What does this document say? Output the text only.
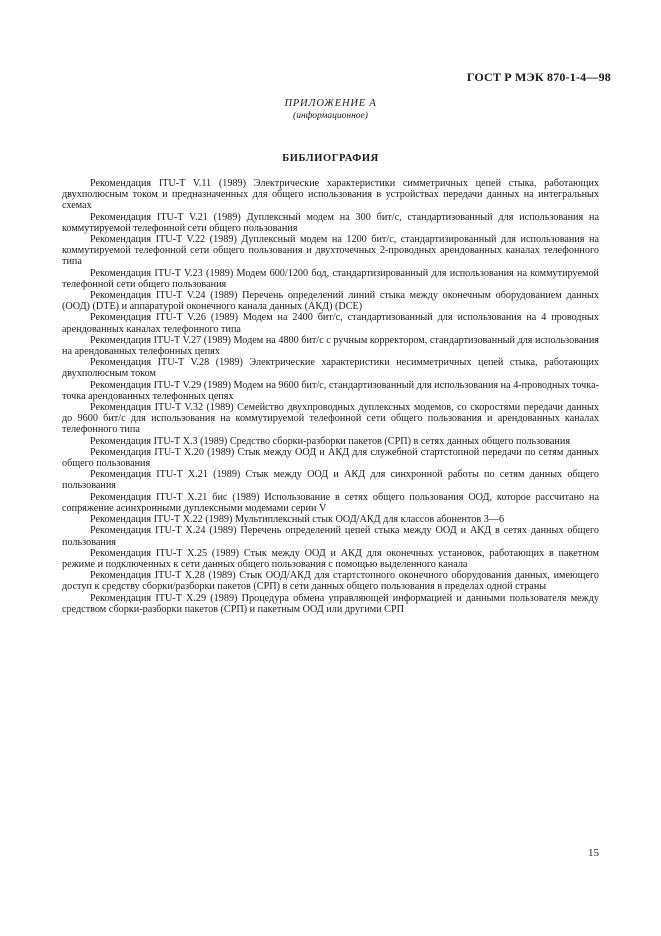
ГОСТ Р МЭК 870-1-4—98
ПРИЛОЖЕНИЕ А
(информационное)
БИБЛИОГРАФИЯ

Рекомендация ITU-T V.11 (1989) Электрические характеристики симметричных цепей стыка, работающих двухполюсным током и предназначенных для общего использования в устройствах передачи данных на интегральных схемах

Рекомендация ITU-T V.21 (1989) Дуплексный модем на 300 бит/с, стандартизованный для использования на коммутируемой телефонной сети общего пользования

Рекомендация ITU-T V.22 (1989) Дуплексный модем на 1200 бит/с, стандартизированный для использования на коммутируемой телефонной сети общего пользования и двухточечных 2-проводных арендованных каналах телефонного типа

Рекомендация ITU-T V.23 (1989) Модем 600/1200 бод, стандартизированный для использования на коммутируемой телефонной сети общего пользования

Рекомендация ITU-T V.24 (1989) Перечень определений линий стыка между оконечным оборудованием данных (ООД) (DTE) и аппаратурой оконечного канала данных (АКД) (DCE)

Рекомендация ITU-T V.26 (1989) Модем на 2400 бит/с, стандартизованный для использования на 4 проводных арендованных каналах телефонного типа

Рекомендация ITU-T V.27 (1989) Модем на 4800 бит/с с ручным корректором, стандартизованный для использования на арендованных телефонных цепях

Рекомендация ITU-T V.28 (1989) Электрические характеристики несимметричных цепей стыка, работающих двухполюсным током

Рекомендация ITU-T V.29 (1989) Модем на 9600 бит/с, стандартизованный для использования на 4-проводных точка-точка арендованных телефонных цепях

Рекомендация ITU-T V.32 (1989) Семейство двухпроводных дуплексных модемов, со скоростями передачи данных до 9600 бит/с для использования на коммутируемой телефонной сети общего пользования и арендованных каналах телефонного типа

Рекомендация ITU-T X.3 (1989) Средство сборки-разборки пакетов (СРП) в сетях данных общего пользования

Рекомендация ITU-T X.20 (1989) Стык между ООД и АКД для служебной стартстопной передачи по сетям данных общего пользования

Рекомендация ITU-T X.21 (1989) Стык между ООД и АКД для синхронной работы по сетям данных общего пользования

Рекомендация ITU-T X.21 бис (1989) Использование в сетях общего пользования ООД, которое рассчитано на сопряжение асинхронными дуплексными модемами серии V

Рекомендация ITU-T X.22 (1989) Мультиплексный стык ООД/АКД для классов абонентов 3—6

Рекомендация ITU-T X.24 (1989) Перечень определений цепей стыка между ООД и АКД в сетях данных общего пользования

Рекомендация ITU-T X.25 (1989) Стык между ООД и АКД для оконечных установок, работающих в пакетном режиме и подключенных к сети данных общего пользования с помощью выделенного канала

Рекомендация ITU-T X.28 (1989) Стык ООД/АКД для стартстопного оконечного оборудования данных, имеющего доступ к средству сборки/разборки пакетов (СРП) в сети данных общего пользования в пределах одной страны

Рекомендация ITU-T X.29 (1989) Процедура обмена управляющей информацией и данными пользователя между средством сборки-разборки пакетов (СРП) и пакетным ООД или другими СРП

15
